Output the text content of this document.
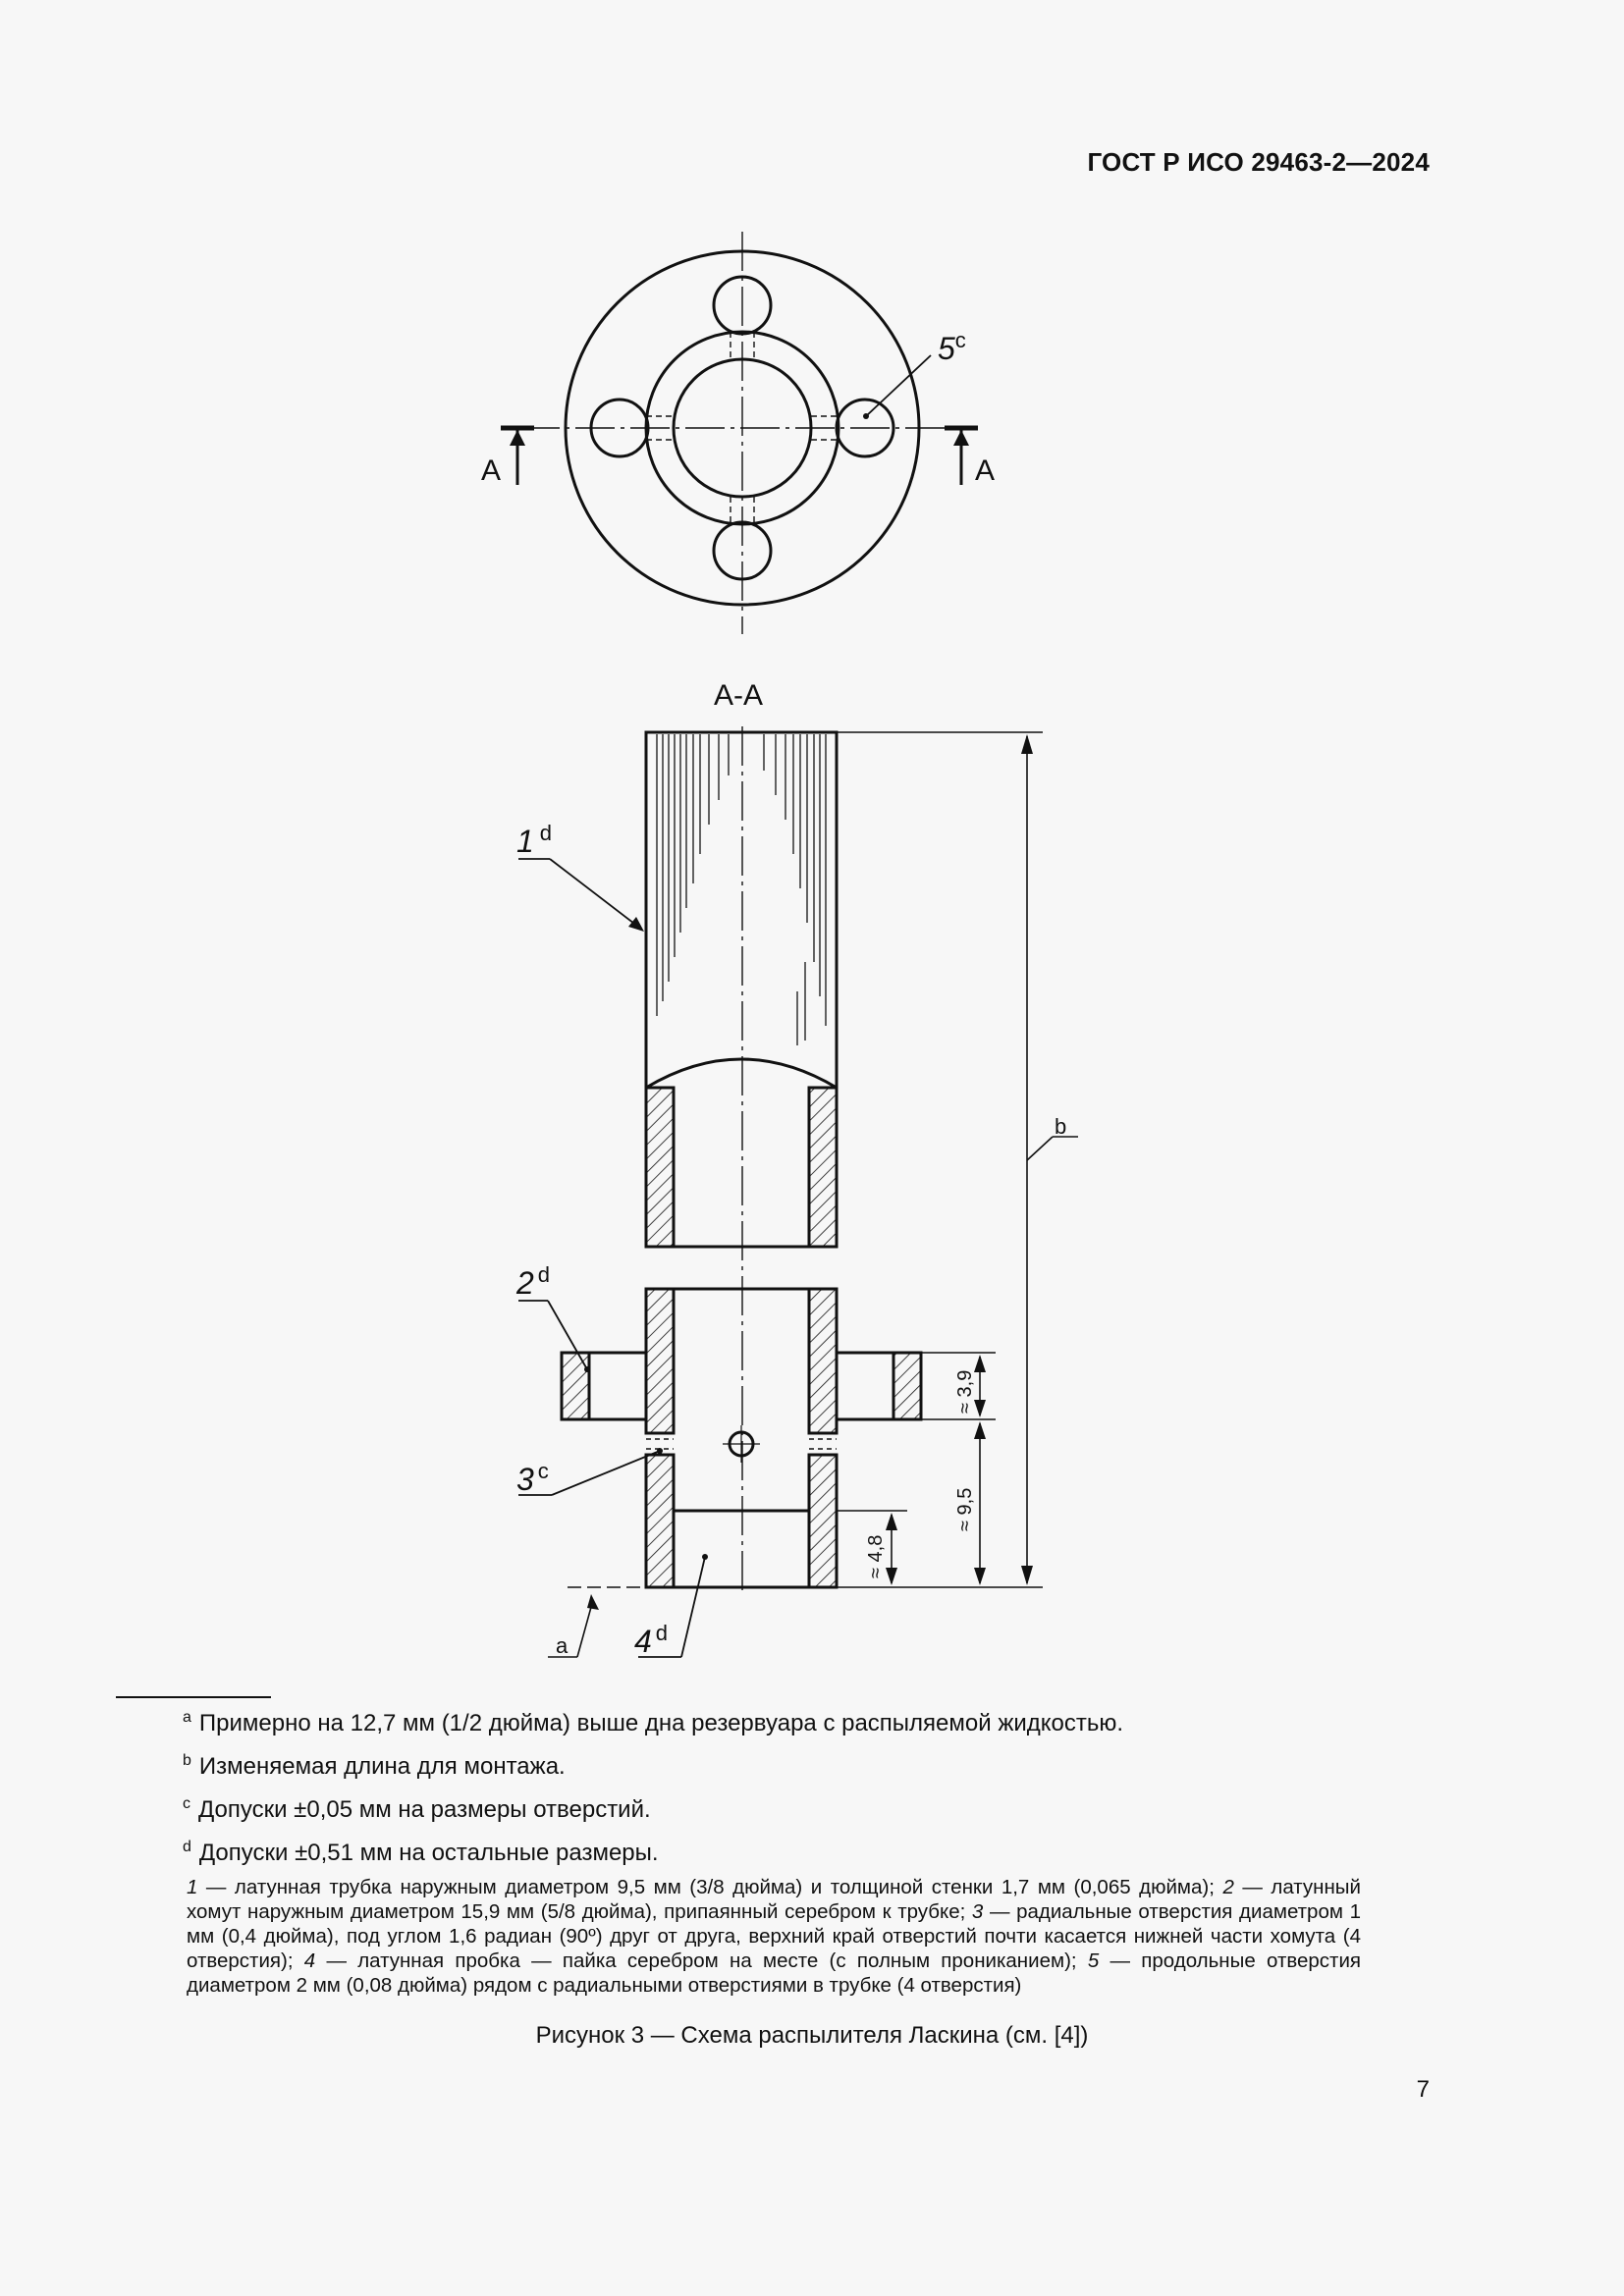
ГОСТ Р ИСО 29463-2—2024
A	A
5$^c$
A-A
b
≈ 3,9
≈ 9,5
≈ 4,8
a
1 $^d$
2 $^d$
3 $^c$
4 $^d$
$^a$ Примерно на 12,7 мм (1/2 дюйма) выше дна резервуара с распыляемой жидкостью.
$^b$ Изменяемая длина для монтажа.
$^c$ Допуски ±0,05 мм на размеры отверстий.
$^d$ Допуски ±0,51 мм на остальные размеры.
1 — латунная трубка наружным диаметром 9,5 мм (3/8 дюйма) и толщиной стенки 1,7 мм (0,065 дюйма); 2 — латунный хомут наружным диаметром 15,9 мм (5/8 дюйма), припаянный серебром к трубке; 3 — радиальные отверстия диаметром 1 мм (0,4 дюйма), под углом 1,6 радиан (90º) друг от друга, верхний край отверстий почти касается нижней части хомута (4 отверстия); 4 — латунная пробка — пайка серебром на месте (с полным прониканием); 5 — продольные отверстия диаметром 2 мм (0,08 дюйма) рядом с радиальными отверстиями в трубке (4 отверстия)
Рисунок 3 — Схема распылителя Ласкина (см. [4])
7
